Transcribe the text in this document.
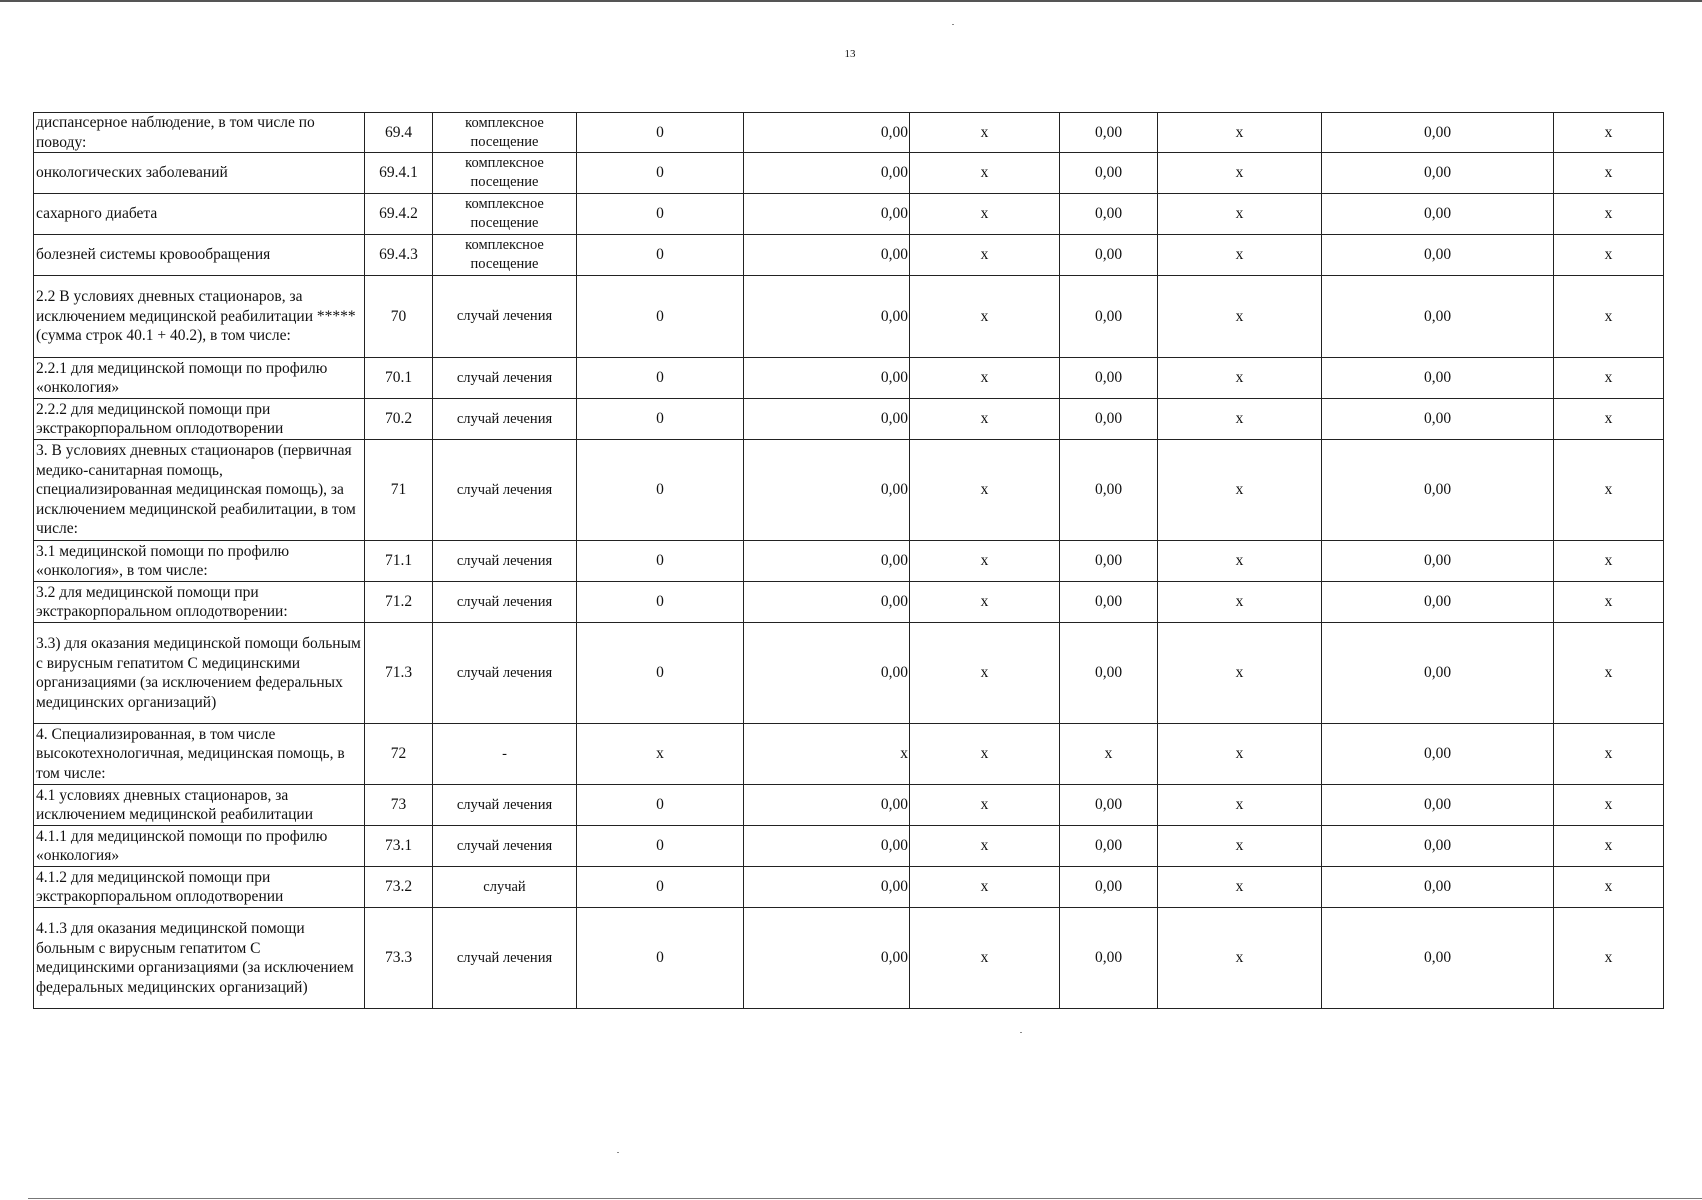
13
диспансерное наблюдение, в том числе по поводу:	69.4	комплексное посещение	0	0,00	х	0,00	х	0,00	х
онкологических заболеваний	69.4.1	комплексное посещение	0	0,00	х	0,00	х	0,00	х
сахарного диабета	69.4.2	комплексное посещение	0	0,00	х	0,00	х	0,00	х
болезней системы кровообращения	69.4.3	комплексное посещение	0	0,00	х	0,00	х	0,00	х
2.2 В условиях дневных стационаров, за исключением медицинской реабилитации ***** (сумма строк 40.1 + 40.2), в том числе:	70	случай лечения	0	0,00	х	0,00	х	0,00	х
2.2.1 для медицинской помощи по профилю «онкология»	70.1	случай лечения	0	0,00	х	0,00	х	0,00	х
2.2.2 для медицинской помощи при экстракорпоральном оплодотворении	70.2	случай лечения	0	0,00	х	0,00	х	0,00	х
3. В условиях дневных стационаров (первичная медико-санитарная помощь, специализированная медицинская помощь), за исключением медицинской реабилитации, в том числе:	71	случай лечения	0	0,00	х	0,00	х	0,00	х
3.1 медицинской помощи по профилю «онкология», в том числе:	71.1	случай лечения	0	0,00	х	0,00	х	0,00	х
3.2 для медицинской помощи при экстракорпоральном оплодотворении:	71.2	случай лечения	0	0,00	х	0,00	х	0,00	х
3.3) для оказания медицинской помощи больным с вирусным гепатитом С медицинскими организациями (за исключением федеральных медицинских организаций)	71.3	случай лечения	0	0,00	х	0,00	х	0,00	х
4. Специализированная, в том числе высокотехнологичная, медицинская помощь, в том числе:	72	-	х	х	х	х	х	0,00	х
4.1 условиях дневных стационаров, за исключением медицинской реабилитации	73	случай лечения	0	0,00	х	0,00	х	0,00	х
4.1.1 для медицинской помощи по профилю «онкология»	73.1	случай лечения	0	0,00	х	0,00	х	0,00	х
4.1.2 для медицинской помощи при экстракорпоральном оплодотворении	73.2	случай	0	0,00	х	0,00	х	0,00	х
4.1.3 для оказания медицинской помощи больным с вирусным гепатитом С медицинскими организациями (за исключением федеральных медицинских организаций)	73.3	случай лечения	0	0,00	х	0,00	х	0,00	х
